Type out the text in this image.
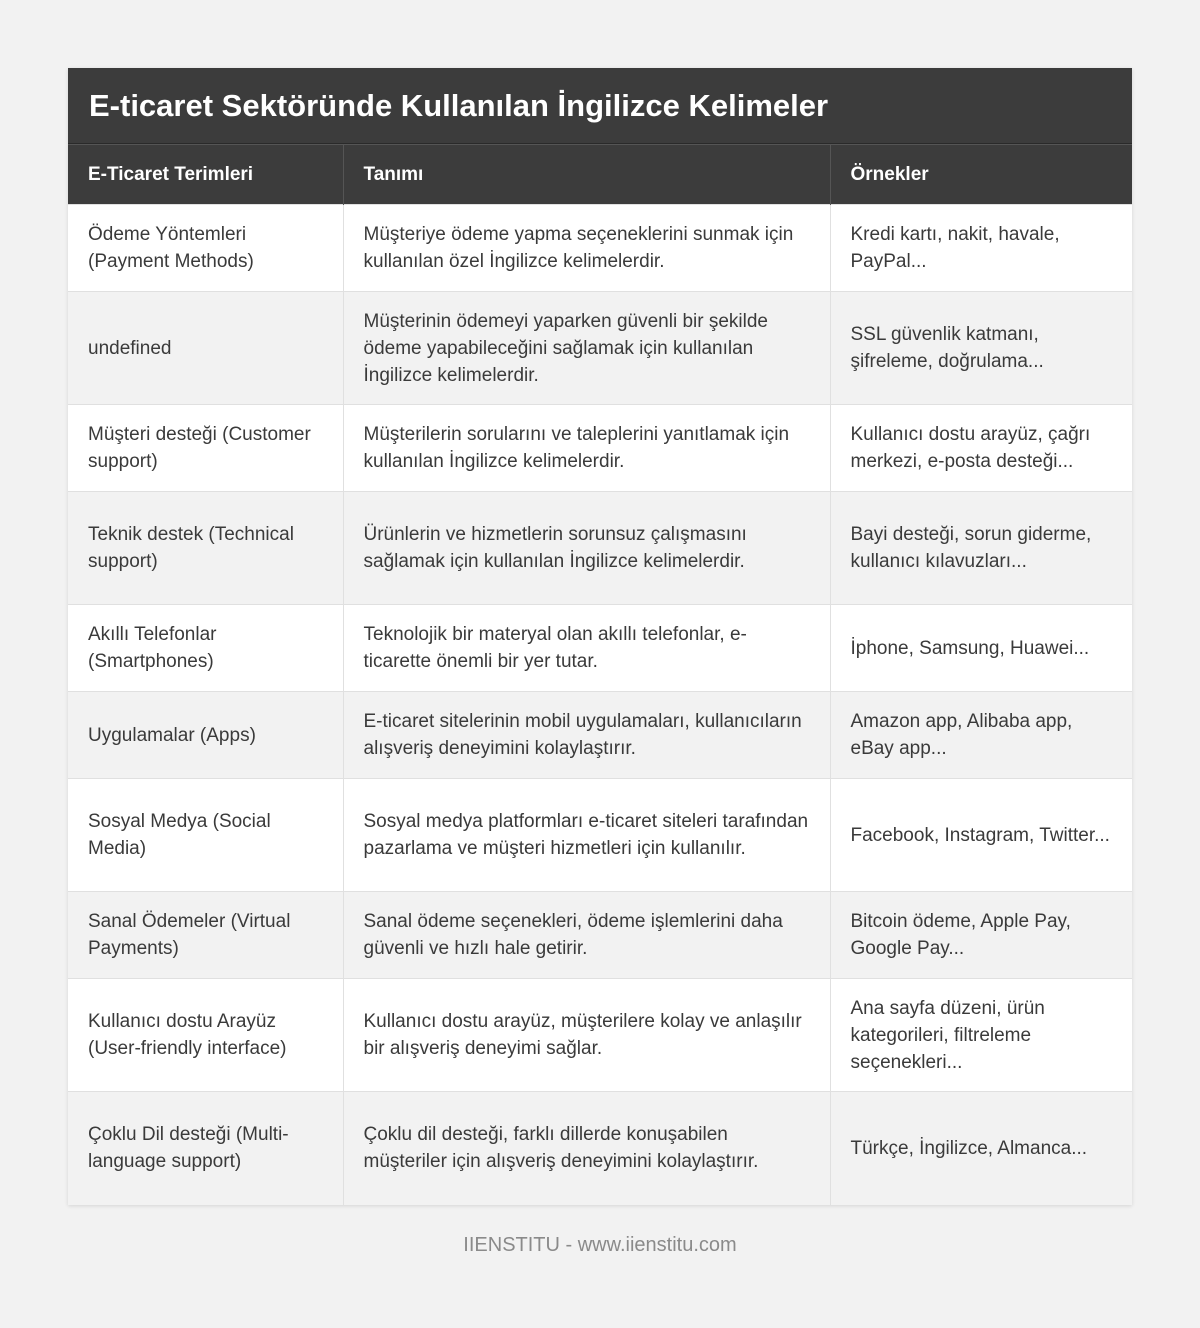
E-ticaret Sektöründe Kullanılan İngilizce Kelimeler
E-Ticaret Terimleri	Tanımı	Örnekler
Ödeme Yöntemleri (Payment Methods)	Müşteriye ödeme yapma seçeneklerini sunmak için kullanılan özel İngilizce kelimelerdir.	Kredi kartı, nakit, havale, PayPal...
undefined	Müşterinin ödemeyi yaparken güvenli bir şekilde ödeme yapabileceğini sağlamak için kullanılan İngilizce kelimelerdir.	SSL güvenlik katmanı, şifreleme, doğrulama...
Müşteri desteği (Customer support)	Müşterilerin sorularını ve taleplerini yanıtlamak için kullanılan İngilizce kelimelerdir.	Kullanıcı dostu arayüz, çağrı merkezi, e-posta desteği...
Teknik destek (Technical support)	Ürünlerin ve hizmetlerin sorunsuz çalışmasını sağlamak için kullanılan İngilizce kelimelerdir.	Bayi desteği, sorun giderme, kullanıcı kılavuzları...
Akıllı Telefonlar (Smartphones)	Teknolojik bir materyal olan akıllı telefonlar, e-ticarette önemli bir yer tutar.	İphone, Samsung, Huawei...
Uygulamalar (Apps)	E-ticaret sitelerinin mobil uygulamaları, kullanıcıların alışveriş deneyimini kolaylaştırır.	Amazon app, Alibaba app, eBay app...
Sosyal Medya (Social Media)	Sosyal medya platformları e-ticaret siteleri tarafından pazarlama ve müşteri hizmetleri için kullanılır.	Facebook, Instagram, Twitter...
Sanal Ödemeler (Virtual Payments)	Sanal ödeme seçenekleri, ödeme işlemlerini daha güvenli ve hızlı hale getirir.	Bitcoin ödeme, Apple Pay, Google Pay...
Kullanıcı dostu Arayüz (User-friendly interface)	Kullanıcı dostu arayüz, müşterilere kolay ve anlaşılır bir alışveriş deneyimi sağlar.	Ana sayfa düzeni, ürün kategorileri, filtreleme seçenekleri...
Çoklu Dil desteği (Multi-language support)	Çoklu dil desteği, farklı dillerde konuşabilen müşteriler için alışveriş deneyimini kolaylaştırır.	Türkçe, İngilizce, Almanca...
IIENSTITU - www.iienstitu.com
